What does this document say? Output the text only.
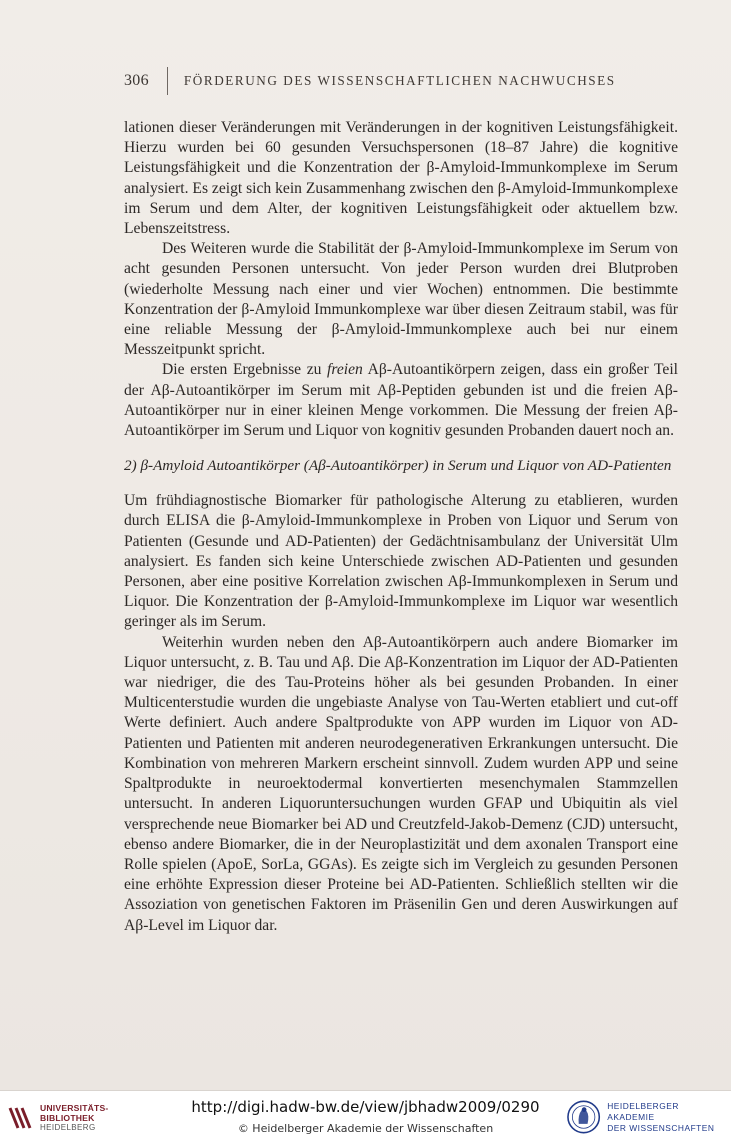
306	FÖRDERUNG DES WISSENSCHAFTLICHEN NACHWUCHSES

lationen dieser Veränderungen mit Veränderungen in der kognitiven Leistungsfähigkeit. Hierzu wurden bei 60 gesunden Versuchspersonen (18–87 Jahre) die kognitive Leistungsfähigkeit und die Konzentration der β-Amyloid-Immunkomplexe im Serum analysiert. Es zeigt sich kein Zusammenhang zwischen den β-Amyloid-Immunkomplexe im Serum und dem Alter, der kognitiven Leistungsfähigkeit oder aktuellem bzw. Lebenszeitstress.

Des Weiteren wurde die Stabilität der β-Amyloid-Immunkomplexe im Serum von acht gesunden Personen untersucht. Von jeder Person wurden drei Blutproben (wiederholte Messung nach einer und vier Wochen) entnommen. Die bestimmte Konzentration der β-Amyloid Immunkomplexe war über diesen Zeitraum stabil, was für eine reliable Messung der β-Amyloid-Immunkomplexe auch bei nur einem Messzeitpunkt spricht.

Die ersten Ergebnisse zu freien Aβ-Autoantikörpern zeigen, dass ein großer Teil der Aβ-Autoantikörper im Serum mit Aβ-Peptiden gebunden ist und die freien Aβ-Autoantikörper nur in einer kleinen Menge vorkommen. Die Messung der freien Aβ-Autoantikörper im Serum und Liquor von kognitiv gesunden Probanden dauert noch an.

2) β-Amyloid Autoantikörper (Aβ-Autoantikörper) in Serum und Liquor von AD-Patienten

Um frühdiagnostische Biomarker für pathologische Alterung zu etablieren, wurden durch ELISA die β-Amyloid-Immunkomplexe in Proben von Liquor und Serum von Patienten (Gesunde und AD-Patienten) der Gedächtnisambulanz der Universität Ulm analysiert. Es fanden sich keine Unterschiede zwischen AD-Patienten und gesunden Personen, aber eine positive Korrelation zwischen Aβ-Immunkomplexen in Serum und Liquor. Die Konzentration der β-Amyloid-Immunkomplexe im Liquor war wesentlich geringer als im Serum.

Weiterhin wurden neben den Aβ-Autoantikörpern auch andere Biomarker im Liquor untersucht, z. B. Tau und Aβ. Die Aβ-Konzentration im Liquor der AD-Patienten war niedriger, die des Tau-Proteins höher als bei gesunden Probanden. In einer Multicenterstudie wurden die ungebiaste Analyse von Tau-Werten etabliert und cut-off Werte definiert. Auch andere Spaltprodukte von APP wurden im Liquor von AD-Patienten und Patienten mit anderen neurodegenerativen Erkrankungen untersucht. Die Kombination von mehreren Markern erscheint sinnvoll. Zudem wurden APP und seine Spaltprodukte in neuroektodermal konvertierten mesenchymalen Stammzellen untersucht. In anderen Liquoruntersuchungen wurden GFAP und Ubiquitin als viel versprechende neue Biomarker bei AD und Creutzfeld-Jakob-Demenz (CJD) untersucht, ebenso andere Biomarker, die in der Neuroplastizität und dem axonalen Transport eine Rolle spielen (ApoE, SorLa, GGAs). Es zeigte sich im Vergleich zu gesunden Personen eine erhöhte Expression dieser Proteine bei AD-Patienten. Schließlich stellten wir die Assoziation von genetischen Faktoren im Präsenilin Gen und deren Auswirkungen auf Aβ-Level im Liquor dar.

UNIVERSITÄTS-
BIBLIOTHEK
HEIDELBERG
http://digi.hadw-bw.de/view/jbhadw2009/0290
© Heidelberger Akademie der Wissenschaften
HEIDELBERGER AKADEMIE
DER WISSENSCHAFTEN
